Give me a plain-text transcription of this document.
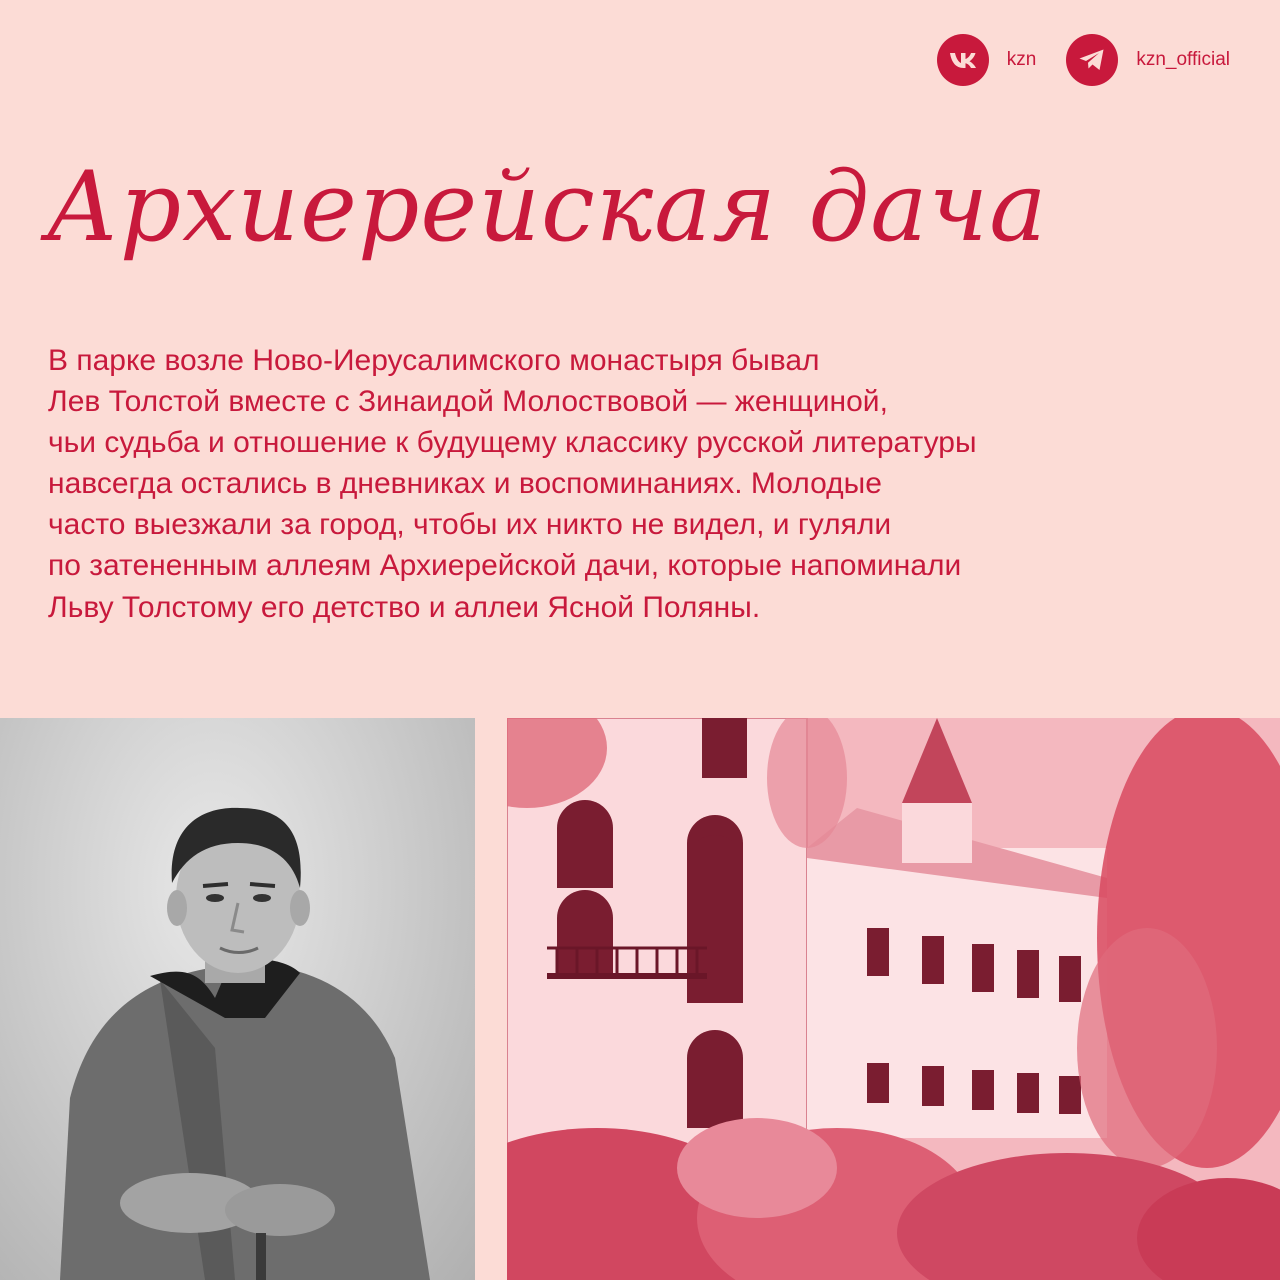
kzn	kzn_official
Архиерейская дача
В парке возле Ново-Иерусалимского монастыря бывал
Лев Толстой вместе с Зинаидой Молоствовой — женщиной,
чьи судьба и отношение к будущему классику русской литературы
навсегда остались в дневниках и воспоминаниях. Молодые
часто выезжали за город, чтобы их никто не видел, и гуляли
по затененным аллеям Архиерейской дачи, которые напоминали
Льву Толстому его детство и аллеи Ясной Поляны.
